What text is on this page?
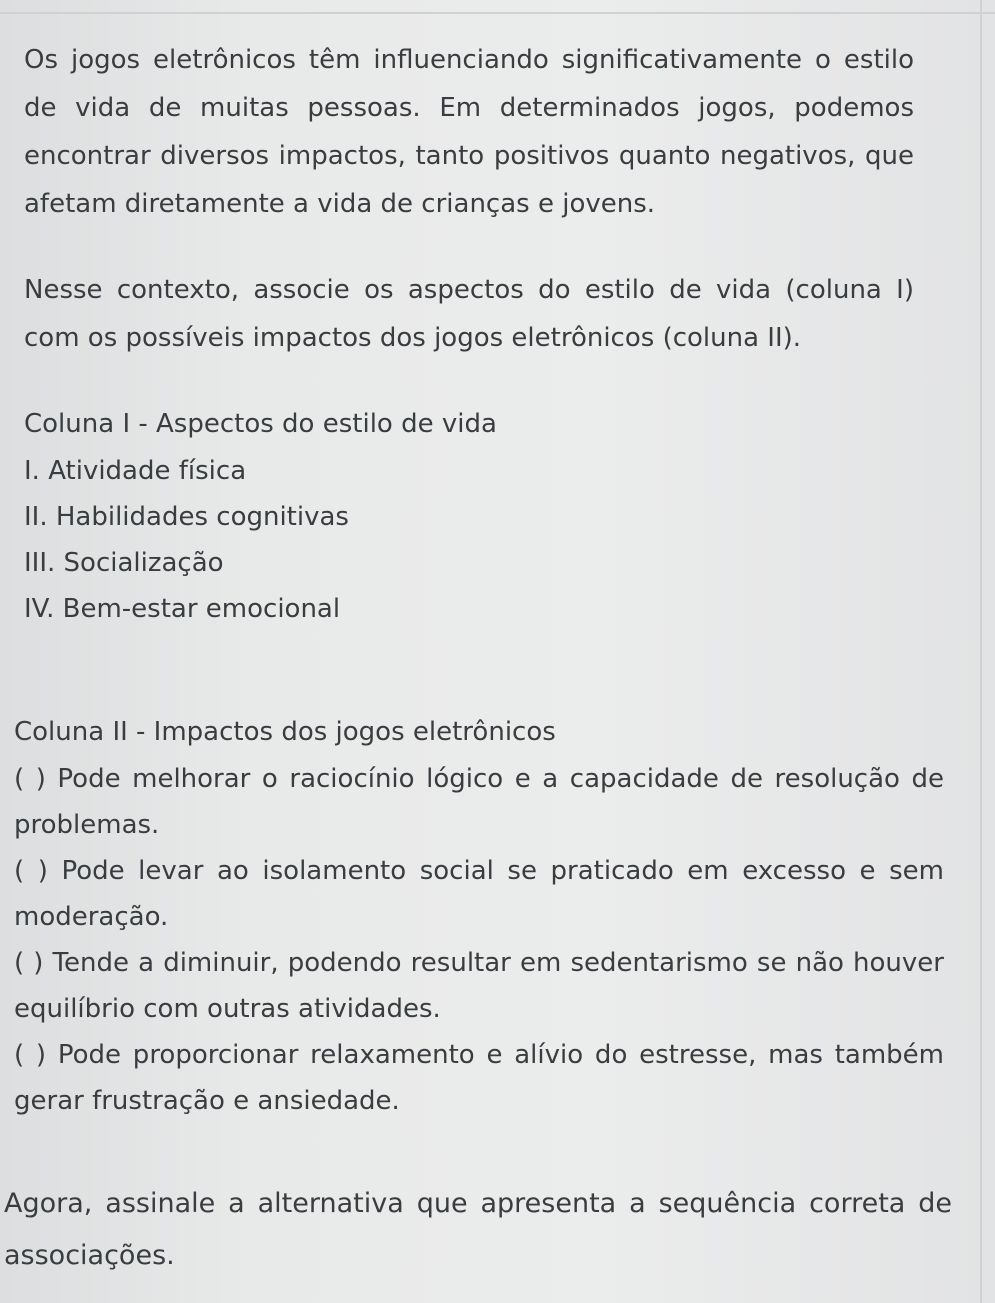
Os jogos eletrônicos têm influenciando significativamente o estilo de vida de muitas pessoas. Em determinados jogos, podemos encontrar diversos impactos, tanto positivos quanto negativos, que afetam diretamente a vida de crianças e jovens.

Nesse contexto, associe os aspectos do estilo de vida (coluna I) com os possíveis impactos dos jogos eletrônicos (coluna II).

Coluna I - Aspectos do estilo de vida
I. Atividade física
II. Habilidades cognitivas
III. Socialização
IV. Bem-estar emocional
Coluna II - Impactos dos jogos eletrônicos
( ) Pode melhorar o raciocínio lógico e a capacidade de resolução de problemas.
( ) Pode levar ao isolamento social se praticado em excesso e sem moderação.
( ) Tende a diminuir, podendo resultar em sedentarismo se não houver equilíbrio com outras atividades.
( ) Pode proporcionar relaxamento e alívio do estresse, mas também gerar frustração e ansiedade.

Agora, assinale a alternativa que apresenta a sequência correta de associações.
